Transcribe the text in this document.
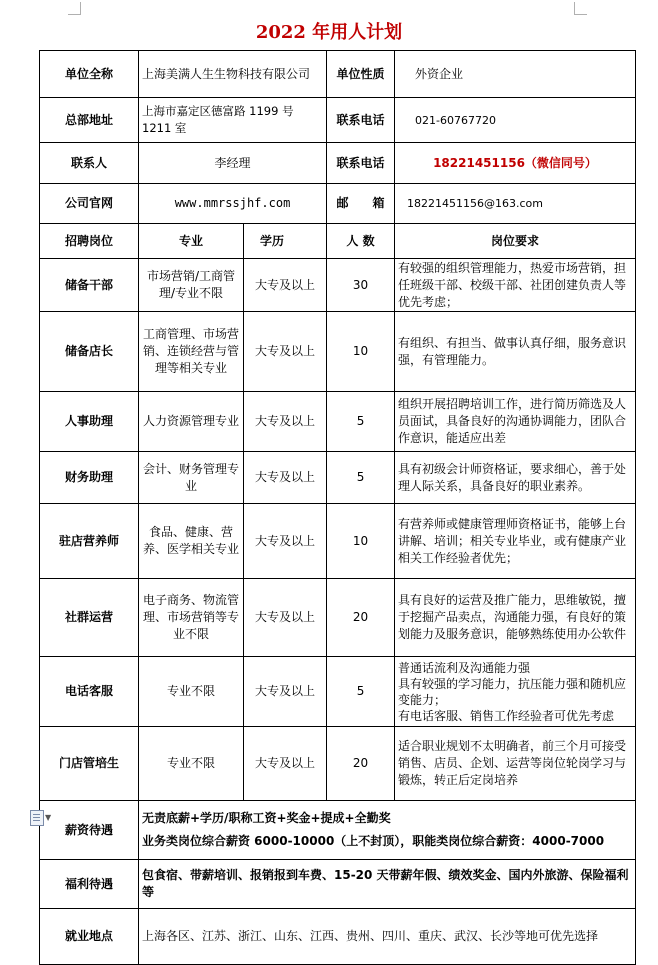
2022 年用人计划
单位全称	上海美满人生生物科技有限公司		单位性质	外资企业
总部地址	上海市嘉定区德富路 1199 号 1211 室		联系电话	021-60767720
联系人	李经理		联系电话	18221451156（微信同号）
公司官网	www.mmrssjhf.com		邮　　箱	18221451156@163.com
招聘岗位	专业	学历	人 数	岗位要求
储备干部	市场营销/工商管理/专业不限	大专及以上	30	有较强的组织管理能力，热爱市场营销，担任班级干部、校级干部、社团创建负责人等优先考虑；
储备店长	工商管理、市场营销、连锁经营与管理等相关专业	大专及以上	10	有组织、有担当、做事认真仔细，服务意识强，有管理能力。
人事助理	人力资源管理专业	大专及以上	5	组织开展招聘培训工作，进行简历筛选及人员面试，具备良好的沟通协调能力，团队合作意识，能适应出差
财务助理	会计、财务管理专业	大专及以上	5	具有初级会计师资格证，要求细心，善于处理人际关系，具备良好的职业素养。
驻店营养师	食品、健康、营养、医学相关专业	大专及以上	10	有营养师或健康管理师资格证书，能够上台讲解、培训；相关专业毕业，或有健康产业相关工作经验者优先；
社群运营	电子商务、物流管理、市场营销等专业不限	大专及以上	20	具有良好的运营及推广能力，思维敏锐，擅于挖掘产品卖点，沟通能力强，有良好的策划能力及服务意识，能够熟练使用办公软件
电话客服	专业不限	大专及以上	5	普通话流利及沟通能力强
具有较强的学习能力，抗压能力强和随机应变能力；
有电话客服、销售工作经验者可优先考虑
门店管培生	专业不限	大专及以上	20	适合职业规划不太明确者，前三个月可接受销售、店员、企划、运营等岗位轮岗学习与锻炼，转正后定岗培养
薪资待遇	无责底薪+学历/职称工资+奖金+提成+全勤奖
业务类岗位综合薪资 6000-10000（上不封顶），职能类岗位综合薪资：4000-7000			

福利待遇	包食宿、带薪培训、报销报到车费、15-20 天带薪年假、绩效奖金、国内外旅游、保险福利等			
就业地点	上海各区、江苏、浙江、山东、江西、贵州、四川、重庆、武汉、长沙等地可优先选择			
▼
